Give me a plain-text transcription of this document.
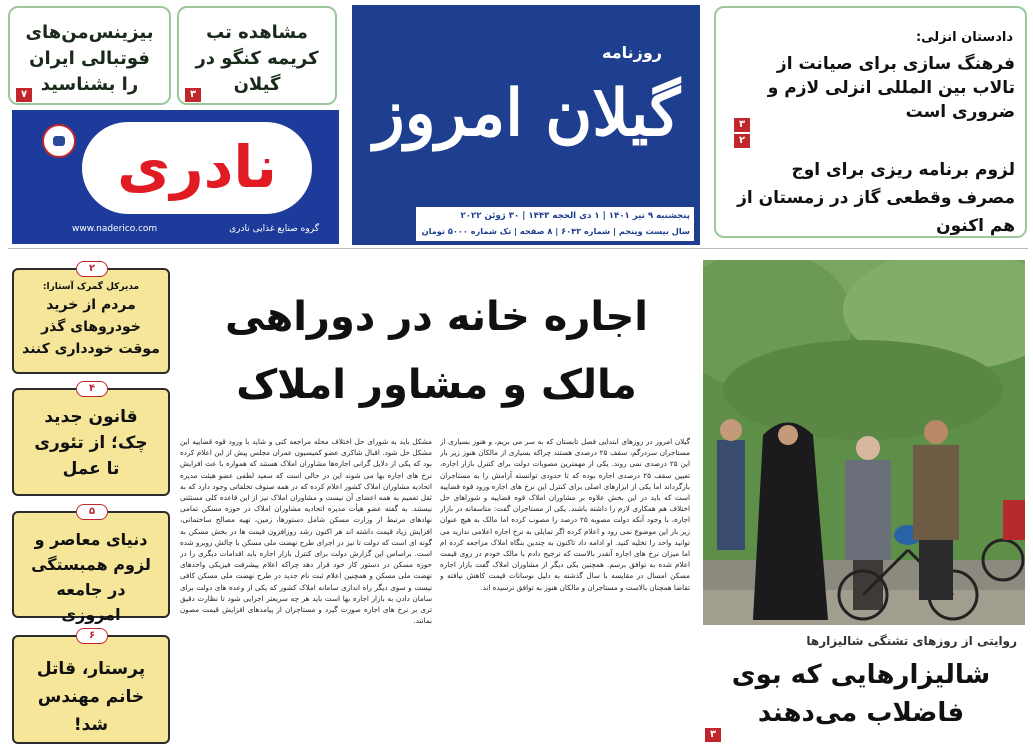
بیزینس‌من‌های فوتبالی ایران را بشناسید
۷
مشاهده تب کریمه کنگو در گیلان
۳
نادری
www.naderico.com	گروه صنایع غذایی نادری
روزنامه
گیلان امروز
پنجشنبه ۹ تیر ۱۴۰۱ | ۱ ذی الحجه ۱۴۴۳ | ۳۰ ژوئن ۲۰۲۲
سال بیست وپنجم | شماره ۶۰۴۳ | ۸ صفحه | تک شماره ۵۰۰۰ تومان
دادستان انزلی:
فرهنگ سازی برای صیانت از تالاب بین المللی انزلی لازم و ضروری است
۳
۲
لزوم برنامه ریزی برای اوج مصرف وقطعی گاز در زمستان از هم اکنون
۲
مدیرکل گمرک آستارا:
مردم از خرید خودروهای گذر موقت خودداری کنند
۴
قانون جدید چک؛ از تئوری تا عمل
۵
دنیای معاصر و لزوم همبستگی در جامعه امروزی
۶
پرستار، قاتل خانم مهندس شد!
اجاره خانه در دوراهی
مالک و مشاور املاک
گیلان امروز در روزهای ابتدایی فصل تابستان که به سر می بریم، و هنوز بسیاری از مستاجران سردرگم، سقف ۲۵ درصدی هستند چراکه بسیاری از مالکان هنوز زیر بار این ۲۵ درصدی نمی روند. یکی از مهمترین مصوبات دولت برای کنترل بازار اجاره، تعیین سقف ۲۵ درصدی اجاره بوده که تا حدودی توانسته آرامش را به مستاجران بازگرداند اما یکی از ابزارهای اصلی برای کنترل این نرخ های اجاره ورود قوه قضاییه است که باید در این بخش علاوه بر مشاوران املاک قوه قضاییه و شوراهای حل اختلاف هم همکاری لازم را داشته باشند. یکی از مستاجران گفت: متاسفانه در بازار اجاره، با وجود آنکه دولت مصوبه ۲۵ درصد را مصوب کرده اما مالک به هیچ عنوان زیر بار این موضوع نمی رود و اعلام کرده اگر تمایلی به نرخ اجاره اعلامی ندارید می توانید واحد را تخلیه کنید. او ادامه داد تاکنون به چندین بنگاه املاک مراجعه کرده ام اما میزان نرخ های اجاره آنقدر بالاست که ترجیح دادم با مالک خودم در روی قیمت اعلام شده به توافق برسم. همچنین یکی دیگر از مشاوران املاک گفت بازار اجاره مسکن امسال در مقایسه با سال گذشته به دلیل نوسانات قیمت کاهش نیافته و تقاضا همچنان بالاست و مستاجران و مالکان هنوز به توافق نرسیده اند.
مشکل باید به شورای حل اختلاف محله مراجعه کنی و شاید با ورود قوه قضاییه این مشکل حل شود. اقبال شاکری عضو کمیسیون عمران مجلس پیش از این اعلام کرده بود که یکی از دلایل گرانی اجاره‌ها مشاوران املاک هستند که همواره با عث افزایش نرخ های اجاره بها می شوند این در حالی است که سعید لطفی عضو هیئت مدیره اتحادیه مشاوران املاک کشور اعلام کرده که در همه صنوف تخلفاتی وجود دارد که به ثقل تعمیم به همه اعضای آن نیست و مشاوران املاک نیز از این قاعده کلی مستثنی نیستند. به گفته عضو هیأت مدیره اتحادیه مشاوران املاک در حوزه مسکن تمامی نهادهای مرتبط از وزارت مسکن شامل دستورها، زمین، تهیه مصالح ساختمانی، افزایش زیاد قیمت داشته اند هر اکنون رشد روزافزون قیمت ها در بخش مسکن به گونه ای است که دولت تا نیز در اجرای طرح نهضت ملی مسکن با چالش روبرو شده است. براساس این گزارش دولت برای کنترل بازار اجاره باید اقدامات دیگری را در حوزه مسکن در دستور کار خود قرار دهد چراکه اعلام پیشرفت فیزیکی واحدهای نهضت ملی مسکن و همچنین اعلام ثبت نام جدید در طرح نهضت ملی مسکن کافی نیست و سوی دیگر راه اندازی سامانه املاک کشور که یکی از وعده های دولت برای سامان دادن به بازار اجاره بها است باید هر چه سریعتر اجرایی شود تا نظارت دقیق تری بر نرخ های اجاره صورت گیرد و مستاجران از پیامدهای افزایش قیمت مصون بمانند.
روایتی از روزهای تشنگی شالیزارها
شالیزارهایی که بوی فاضلاب می‌دهند
۳
